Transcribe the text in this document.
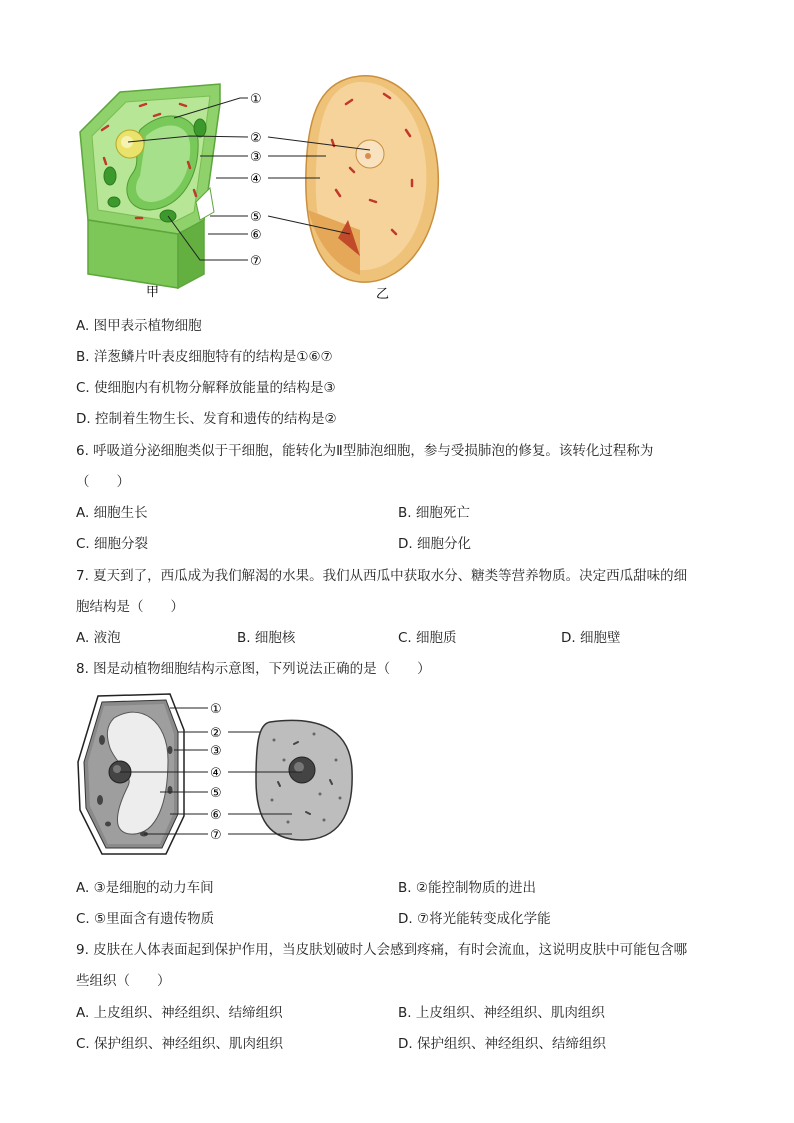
①
②
③
④
⑤
⑥
⑦
甲	乙
A. 图甲表示植物细胞
B. 洋葱鳞片叶表皮细胞特有的结构是①⑥⑦
C. 使细胞内有机物分解释放能量的结构是③
D. 控制着生物生长、发育和遗传的结构是②
6. 呼吸道分泌细胞类似于干细胞，能转化为Ⅱ型肺泡细胞，参与受损肺泡的修复。该转化过程称为
（　　）
A. 细胞生长	B. 细胞死亡
C. 细胞分裂	D. 细胞分化
7. 夏天到了，西瓜成为我们解渴的水果。我们从西瓜中获取水分、糖类等营养物质。决定西瓜甜味的细
胞结构是（　　）
A. 液泡	B. 细胞核	C. 细胞质	D. 细胞壁
8. 图是动植物细胞结构示意图，下列说法正确的是（　　）
①
②
③
④
⑤
⑥
⑦
A. ③是细胞的动力车间	B. ②能控制物质的进出
C. ⑤里面含有遗传物质	D. ⑦将光能转变成化学能
9. 皮肤在人体表面起到保护作用，当皮肤划破时人会感到疼痛，有时会流血，这说明皮肤中可能包含哪
些组织（　　）
A. 上皮组织、神经组织、结缔组织	B. 上皮组织、神经组织、肌肉组织
C. 保护组织、神经组织、肌肉组织	D. 保护组织、神经组织、结缔组织
